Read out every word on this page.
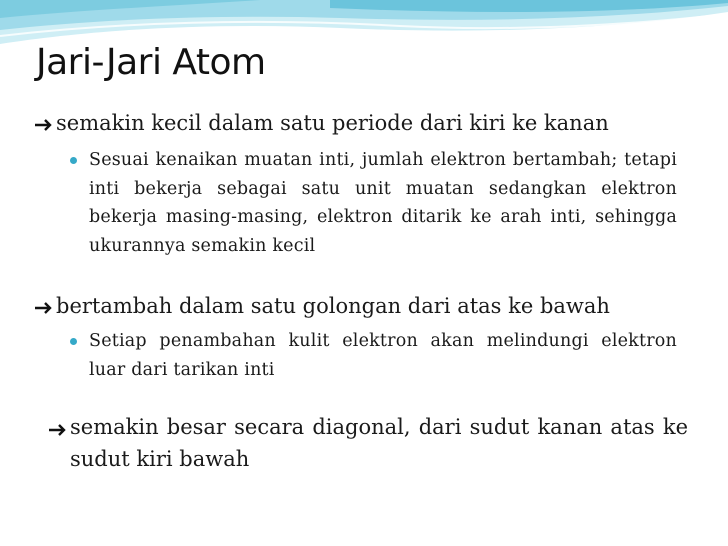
Jari-Jari Atom
semakin kecil dalam satu periode dari kiri ke kanan
Sesuai kenaikan muatan inti, jumlah elektron bertambah; tetapi inti bekerja sebagai satu unit muatan sedangkan elektron bekerja masing-masing, elektron ditarik ke arah inti, sehingga ukurannya semakin kecil
bertambah dalam satu golongan dari atas ke bawah
Setiap penambahan kulit elektron akan melindungi elektron luar dari tarikan inti
semakin besar secara diagonal, dari sudut kanan atas ke sudut kiri bawah
